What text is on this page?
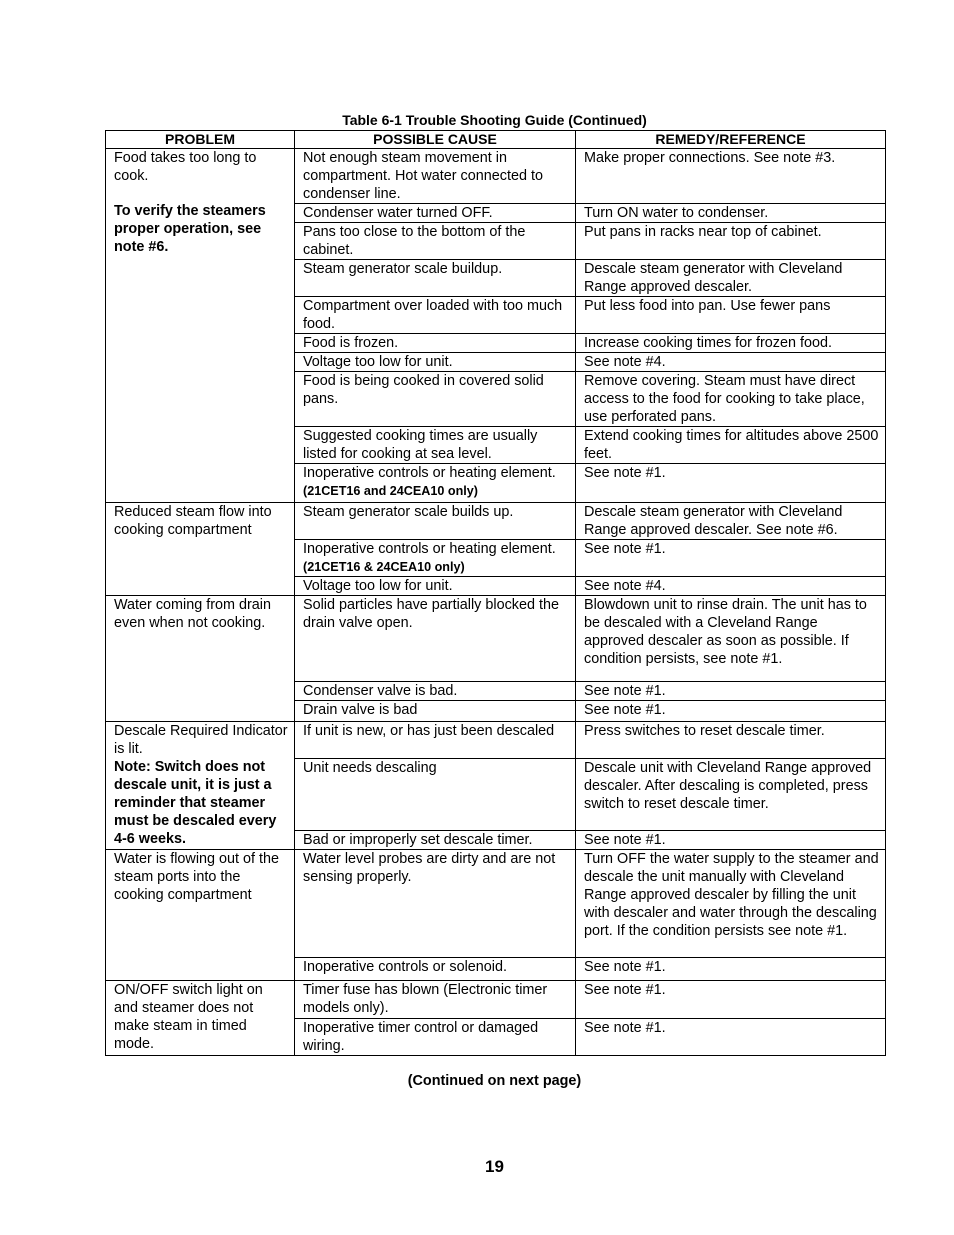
Table 6-1 Trouble Shooting Guide (Continued)
PROBLEM	POSSIBLE CAUSE	REMEDY/REFERENCE

Food takes too long to cook.
To verify the steamers proper operation, see note #6.	Not enough steam movement in compartment. Hot water connected to condenser line.	Make proper connections. See note #3.
	Condenser water turned OFF.	Turn ON water to condenser.
	Pans too close to the bottom of the cabinet.	Put pans in racks near top of cabinet.
	Steam generator scale buildup.	Descale steam generator with Cleveland Range approved descaler.
	Compartment over loaded with too much food.	Put less food into pan. Use fewer pans
	Food is frozen.	Increase cooking times for frozen food.
	Voltage too low for unit.	See note #4.
	Food is being cooked in covered solid pans.	Remove covering. Steam must have direct access to the food for cooking to take place, use perforated pans.
	Suggested cooking times are usually listed for cooking at sea level.	Extend cooking times for altitudes above 2500 feet.
	Inoperative controls or heating element. (21CET16 and 24CEA10 only)	See note #1.

Reduced steam flow into cooking compartment	Steam generator scale builds up.	Descale steam generator with Cleveland Range approved descaler. See note #6.
	Inoperative controls or heating element. (21CET16 & 24CEA10 only)	See note #1.
	Voltage too low for unit.	See note #4.

Water coming from drain even when not cooking.	Solid particles have partially blocked the drain valve open.	Blowdown unit to rinse drain. The unit has to be descaled with a Cleveland Range approved descaler as soon as possible. If condition persists, see note #1.
	Condenser valve is bad.	See note #1.
	Drain valve is bad	See note #1.

Descale Required Indicator is lit.
Note: Switch does not descale unit, it is just a reminder that steamer must be descaled every 4-6 weeks.	If unit is new, or has just been descaled	Press switches to reset descale timer.
	Unit needs descaling	Descale unit with Cleveland Range approved descaler. After descaling is completed, press switch to reset descale timer.
	Bad or improperly set descale timer.	See note #1.

Water is flowing out of the steam ports into the cooking compartment	Water level probes are dirty and are not sensing properly.	Turn OFF the water supply to the steamer and descale the unit manually with Cleveland Range approved descaler by filling the unit with descaler and water through the descaling port. If the condition persists see note #1.
	Inoperative controls or solenoid.	See note #1.

ON/OFF switch light on and steamer does not make steam in timed mode.	Timer fuse has blown (Electronic timer models only).	See note #1.
	Inoperative timer control or damaged wiring.	See note #1.
(Continued on next page)
19
